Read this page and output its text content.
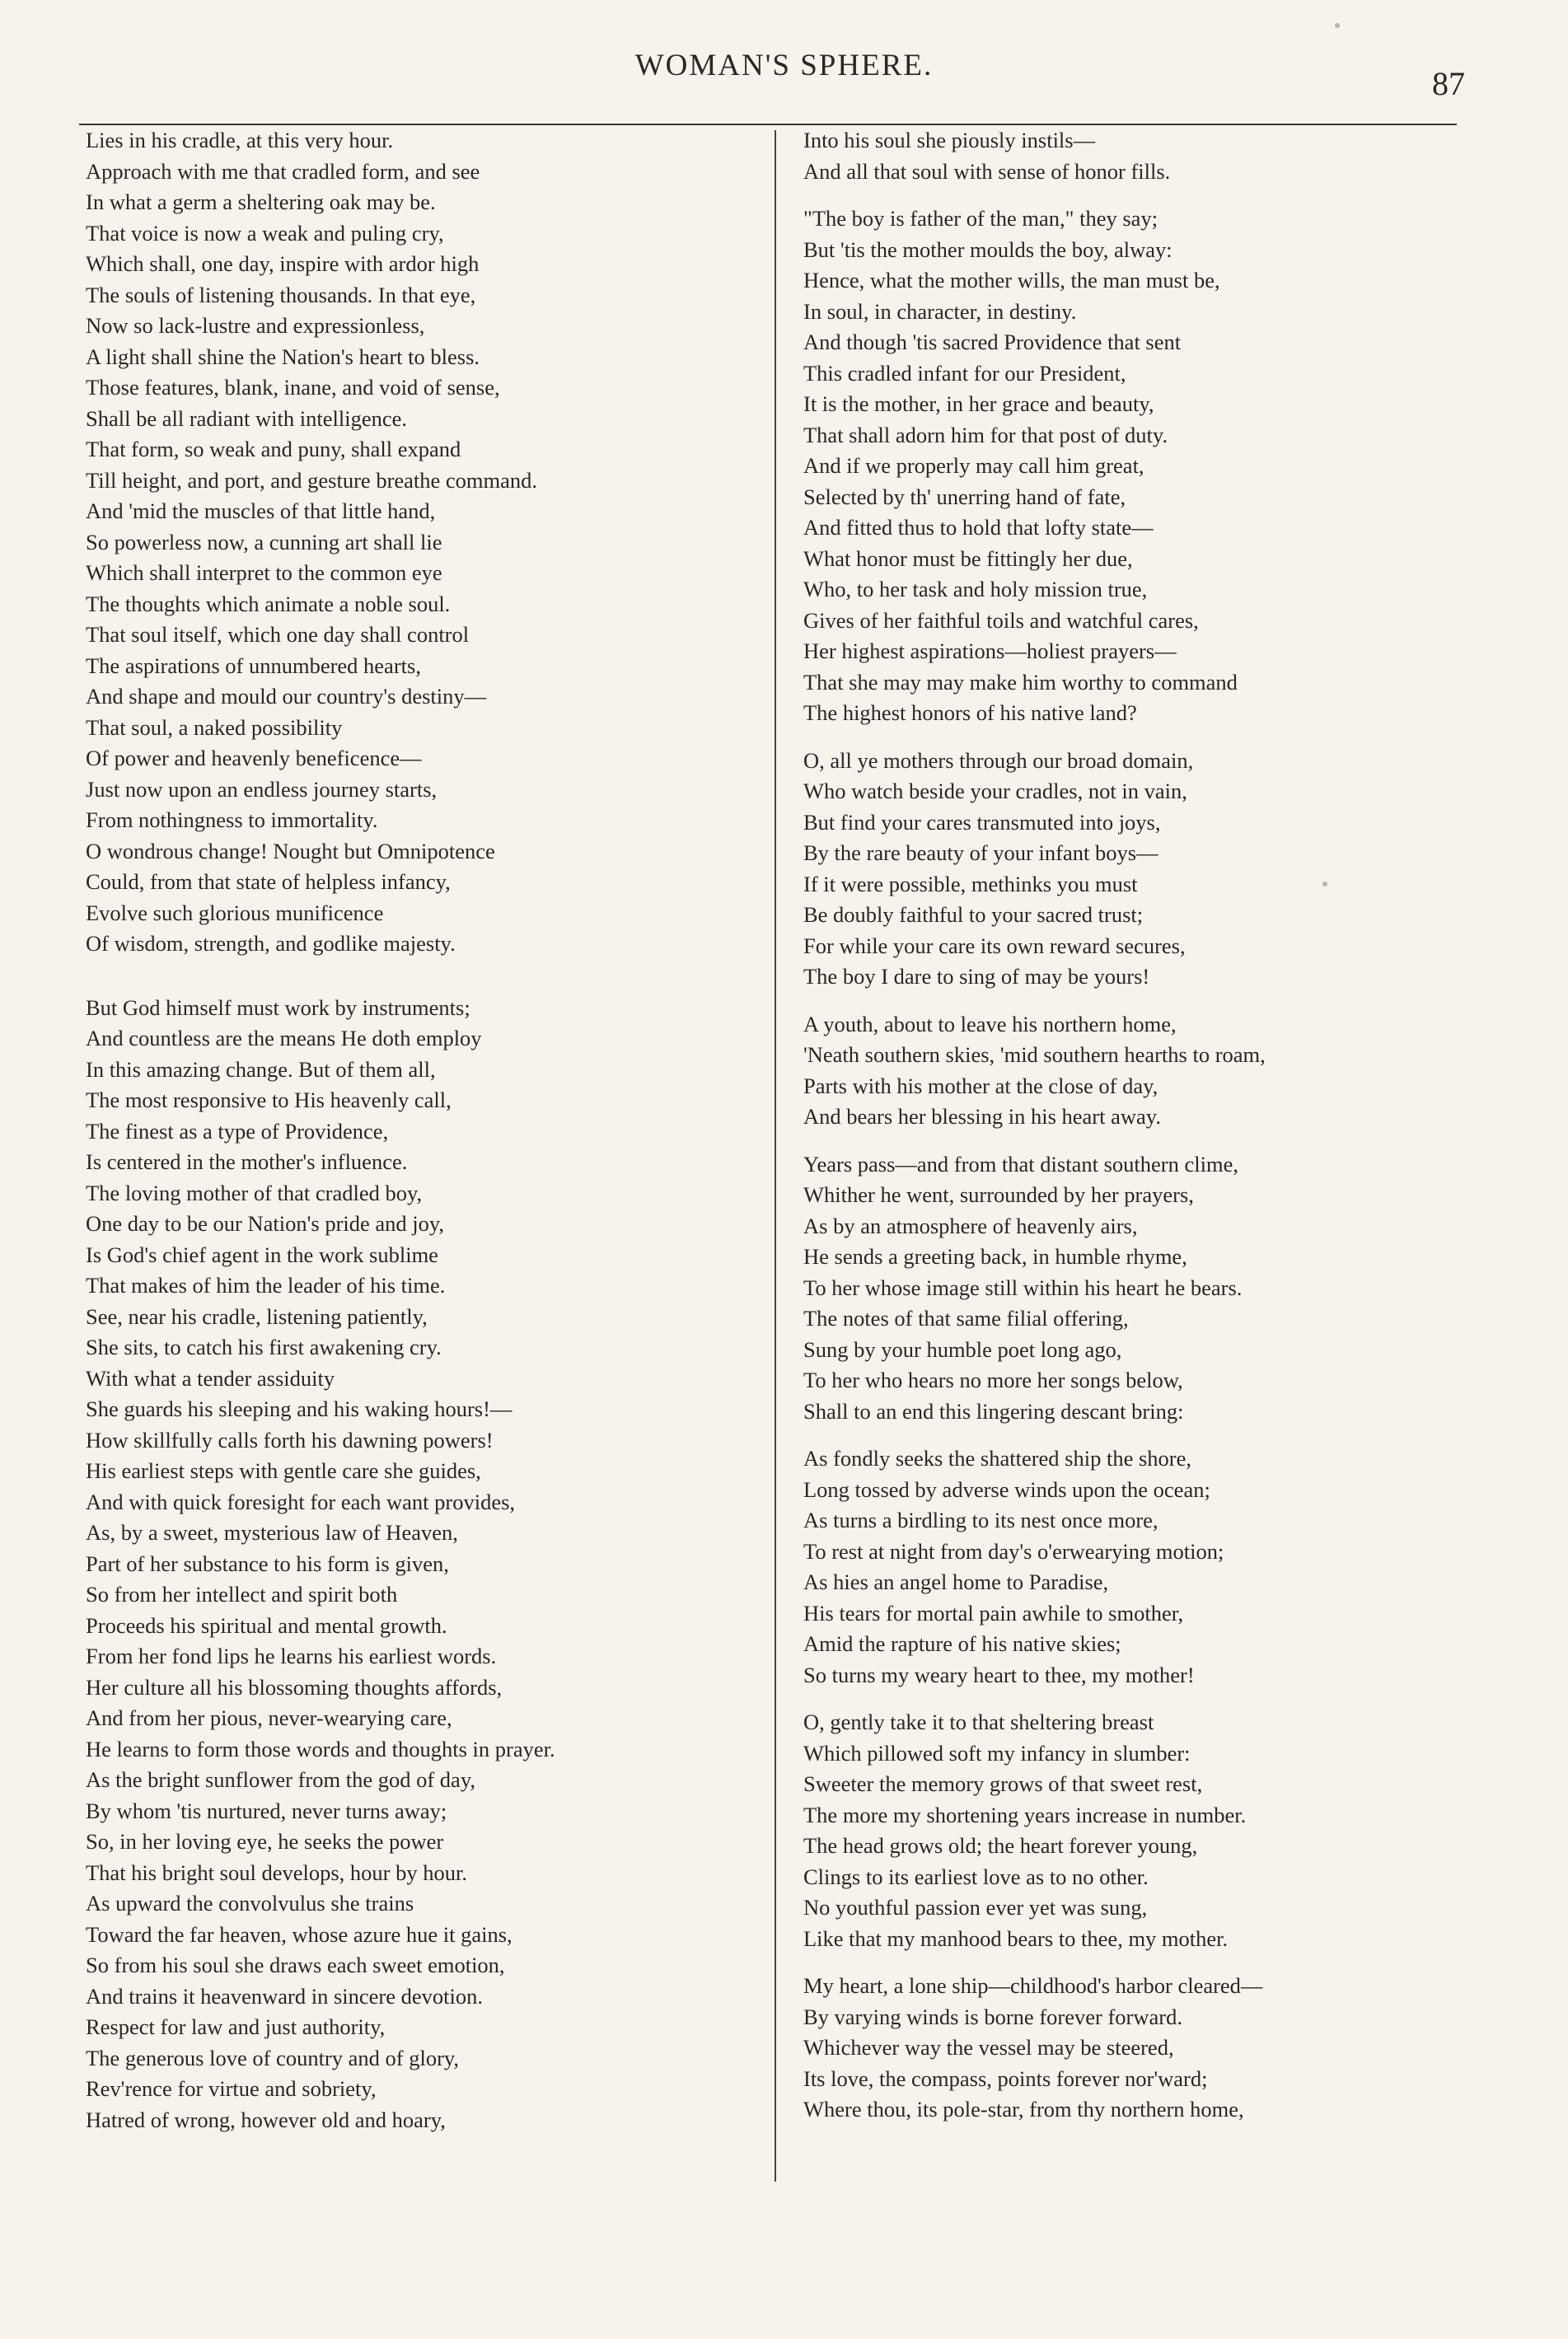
WOMAN'S SPHERE.	87
Lies in his cradle, at this very hour.
Approach with me that cradled form, and see
In what a germ a sheltering oak may be.
That voice is now a weak and puling cry,
Which shall, one day, inspire with ardor high
The souls of listening thousands. In that eye,
Now so lack-lustre and expressionless,
A light shall shine the Nation's heart to bless.
Those features, blank, inane, and void of sense,
Shall be all radiant with intelligence.
That form, so weak and puny, shall expand
Till height, and port, and gesture breathe command.
And 'mid the muscles of that little hand,
So powerless now, a cunning art shall lie
Which shall interpret to the common eye
The thoughts which animate a noble soul.
That soul itself, which one day shall control
The aspirations of unnumbered hearts,
And shape and mould our country's destiny—
That soul, a naked possibility
Of power and heavenly beneficence—
Just now upon an endless journey starts,
From nothingness to immortality.
O wondrous change! Nought but Omnipotence
Could, from that state of helpless infancy,
Evolve such glorious munificence
Of wisdom, strength, and godlike majesty.
But God himself must work by instruments;
And countless are the means He doth employ
In this amazing change. But of them all,
The most responsive to His heavenly call,
The finest as a type of Providence,
Is centered in the mother's influence.
The loving mother of that cradled boy,
One day to be our Nation's pride and joy,
Is God's chief agent in the work sublime
That makes of him the leader of his time.
See, near his cradle, listening patiently,
She sits, to catch his first awakening cry.
With what a tender assiduity
She guards his sleeping and his waking hours!—
How skillfully calls forth his dawning powers!
His earliest steps with gentle care she guides,
And with quick foresight for each want provides,
As, by a sweet, mysterious law of Heaven,
Part of her substance to his form is given,
So from her intellect and spirit both
Proceeds his spiritual and mental growth.
From her fond lips he learns his earliest words.
Her culture all his blossoming thoughts affords,
And from her pious, never-wearying care,
He learns to form those words and thoughts in prayer.
As the bright sunflower from the god of day,
By whom 'tis nurtured, never turns away;
So, in her loving eye, he seeks the power
That his bright soul develops, hour by hour.
As upward the convolvulus she trains
Toward the far heaven, whose azure hue it gains,
So from his soul she draws each sweet emotion,
And trains it heavenward in sincere devotion.
Respect for law and just authority,
The generous love of country and of glory,
Rev'rence for virtue and sobriety,
Hatred of wrong, however old and hoary,
Into his soul she piously instils—
And all that soul with sense of honor fills.
"The boy is father of the man," they say;
But 'tis the mother moulds the boy, alway:
Hence, what the mother wills, the man must be,
In soul, in character, in destiny.
And though 'tis sacred Providence that sent
This cradled infant for our President,
It is the mother, in her grace and beauty,
That shall adorn him for that post of duty.
And if we properly may call him great,
Selected by th' unerring hand of fate,
And fitted thus to hold that lofty state—
What honor must be fittingly her due,
Who, to her task and holy mission true,
Gives of her faithful toils and watchful cares,
Her highest aspirations—holiest prayers—
That she may may make him worthy to command
The highest honors of his native land?
O, all ye mothers through our broad domain,
Who watch beside your cradles, not in vain,
But find your cares transmuted into joys,
By the rare beauty of your infant boys—
If it were possible, methinks you must
Be doubly faithful to your sacred trust;
For while your care its own reward secures,
The boy I dare to sing of may be yours!
A youth, about to leave his northern home,
'Neath southern skies, 'mid southern hearths to roam,
Parts with his mother at the close of day,
And bears her blessing in his heart away.
Years pass—and from that distant southern clime,
Whither he went, surrounded by her prayers,
As by an atmosphere of heavenly airs,
He sends a greeting back, in humble rhyme,
To her whose image still within his heart he bears.
The notes of that same filial offering,
Sung by your humble poet long ago,
To her who hears no more her songs below,
Shall to an end this lingering descant bring:
As fondly seeks the shattered ship the shore,
Long tossed by adverse winds upon the ocean;
As turns a birdling to its nest once more,
To rest at night from day's o'erwearying motion;
As hies an angel home to Paradise,
His tears for mortal pain awhile to smother,
Amid the rapture of his native skies;
So turns my weary heart to thee, my mother!
O, gently take it to that sheltering breast
Which pillowed soft my infancy in slumber:
Sweeter the memory grows of that sweet rest,
The more my shortening years increase in number.
The head grows old; the heart forever young,
Clings to its earliest love as to no other.
No youthful passion ever yet was sung,
Like that my manhood bears to thee, my mother.
My heart, a lone ship—childhood's harbor cleared—
By varying winds is borne forever forward.
Whichever way the vessel may be steered,
Its love, the compass, points forever nor'ward;
Where thou, its pole-star, from thy northern home,
